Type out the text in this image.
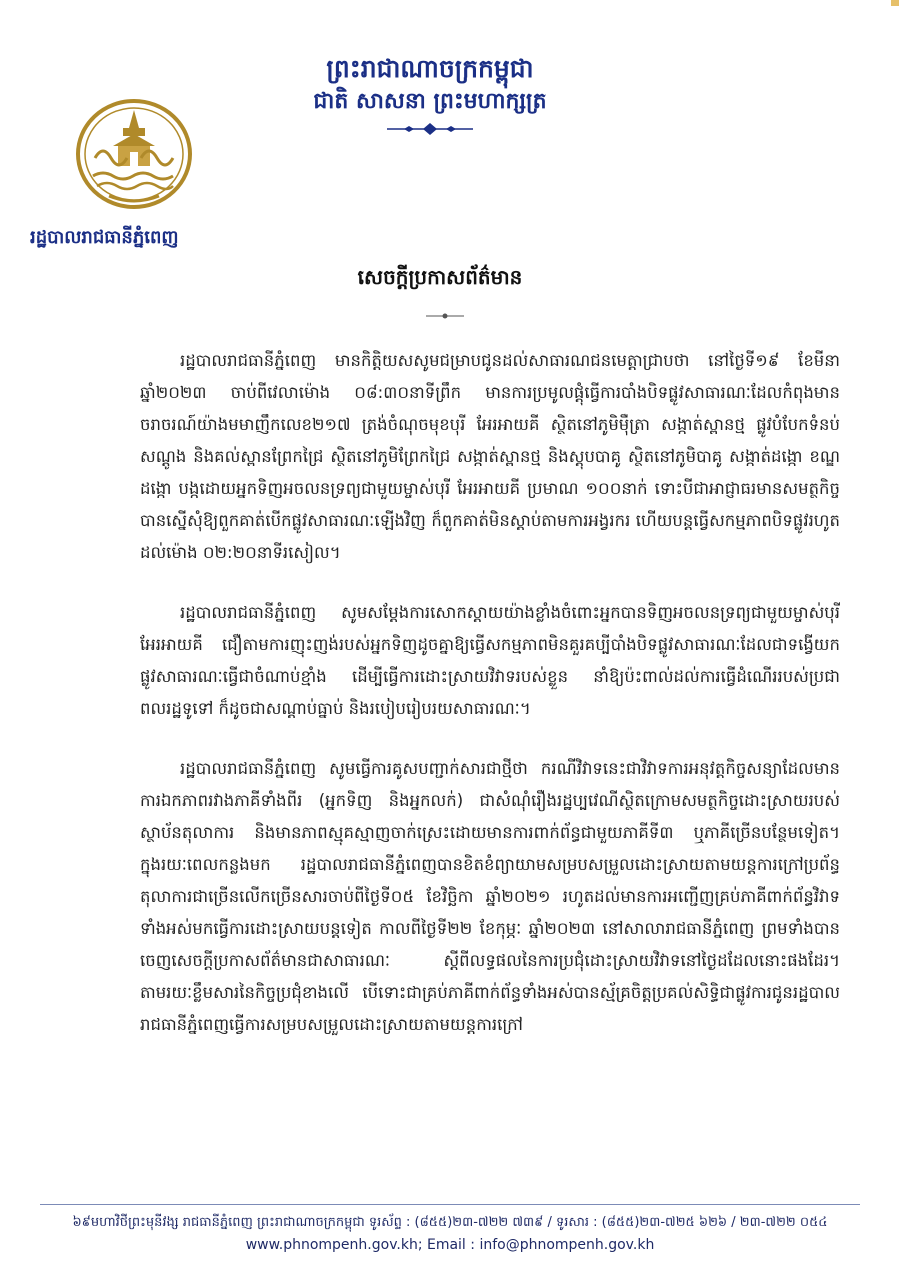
ព្រះរាជាណាចក្រកម្ពុជា
ជាតិ សាសនា ព្រះមហាក្សត្រ
រដ្ឋបាលរាជធានីភ្នំពេញ
សេចក្តីប្រកាសព័ត៌មាន

រដ្ឋបាលរាជធានីភ្នំពេញ មានកិត្តិយសសូមជម្រាបជូនដល់សាធារណជនមេត្តាជ្រាបថា នៅថ្ងៃទី១៩ ខែមីនា ឆ្នាំ២០២៣ ចាប់ពីវេលាម៉ោង ០៨:៣០នាទីព្រឹក មានការប្រមូលផ្តុំធ្វើការបាំងបិទផ្លូវសាធារណៈដែលកំពុងមានចរាចរណ៍យ៉ាងមមាញឹកលេខ២១៧ ត្រង់ចំណុចមុខបុរី អែរអាយគី ស្ថិតនៅភូមិម៉ឺត្រា សង្កាត់ស្ពានថ្ម ផ្លូវបំបែកទំនប់សណ្តូង និងគល់ស្ពានព្រែកជ្រៃ ស្ថិតនៅភូមិព្រែកជ្រៃ សង្កាត់ស្ពានថ្ម និងស្តុបបាគូ ស្ថិតនៅភូមិបាគូ សង្កាត់ដង្កោ ខណ្ឌដង្កោ បង្កដោយអ្នកទិញអចលនទ្រព្យជាមួយម្ចាស់បុរី អែរអាយគី ប្រមាណ ១០០នាក់ ទោះបីជាអាជ្ញាធរមានសមត្ថកិច្ចបានស្នើសុំឱ្យពួកគាត់បើកផ្លូវសាធារណៈឡើងវិញ ក៏ពួកគាត់មិនស្តាប់តាមការអង្វរករ ហើយបន្តធ្វើសកម្មភាពបិទផ្លូវរហូតដល់ម៉ោង ០២:២០នាទីរសៀល។

រដ្ឋបាលរាជធានីភ្នំពេញ សូមសម្តែងការសោកស្តាយយ៉ាងខ្លាំងចំពោះអ្នកបានទិញអចលនទ្រព្យជាមួយម្ចាស់បុរី អែរអាយគី ជឿតាមការញុះញង់របស់អ្នកទិញដូចគ្នាឱ្យធ្វើសកម្មភាពមិនគួរគប្បីបាំងបិទផ្លូវសាធារណៈដែលជាទង្វើយកផ្លូវសាធារណៈធ្វើជាចំណាប់ខ្មាំង ដើម្បីធ្វើការដោះស្រាយវិវាទរបស់ខ្លួន នាំឱ្យប៉ះពាល់ដល់ការធ្វើដំណើររបស់ប្រជាពលរដ្ឋទូទៅ ក៏ដូចជាសណ្តាប់ធ្នាប់ និងរបៀបរៀបរយសាធារណៈ។

រដ្ឋបាលរាជធានីភ្នំពេញ សូមធ្វើការគូសបញ្ជាក់សារជាថ្មីថា ករណីវិវាទនេះជាវិវាទការអនុវត្តកិច្ចសន្យាដែលមានការឯកភាពរវាងភាគីទាំងពីរ (អ្នកទិញ និងអ្នកលក់) ជាសំណុំរឿងរដ្ឋប្បវេណីស្ថិតក្រោមសមត្ថកិច្ចដោះស្រាយរបស់ស្ថាប័នតុលាការ និងមានភាពស្មុគស្មាញចាក់ស្រេះដោយមានការពាក់ព័ន្ធជាមួយភាគីទី៣ ឬភាគីច្រើនបន្ថែមទៀត។ ក្នុងរយៈពេលកន្លងមក រដ្ឋបាលរាជធានីភ្នំពេញបានខិតខំព្យាយាមសម្របសម្រួលដោះស្រាយតាមយន្តការក្រៅប្រព័ន្ធតុលាការជាច្រើនលើកច្រើនសារចាប់ពីថ្ងៃទី០៥ ខែវិច្ឆិកា ឆ្នាំ២០២១ រហូតដល់មានការអញ្ជើញគ្រប់ភាគីពាក់ព័ន្ធវិវាទទាំងអស់មកធ្វើការដោះស្រាយបន្តទៀត កាលពីថ្ងៃទី២២ ខែកុម្ភៈ ឆ្នាំ២០២៣ នៅសាលារាជធានីភ្នំពេញ ព្រមទាំងបានចេញសេចក្តីប្រកាសព័ត៌មានជាសាធារណៈ ស្តីពីលទ្ធផលនៃការប្រជុំដោះស្រាយវិវាទនៅថ្ងៃដដែលនោះផងដែរ។ តាមរយៈខ្លឹមសារនៃកិច្ចប្រជុំខាងលើ បើទោះជាគ្រប់ភាគីពាក់ព័ន្ធទាំងអស់បានស្ម័គ្រចិត្តប្រគល់សិទ្ធិជាផ្លូវការជូនរដ្ឋបាលរាជធានីភ្នំពេញធ្វើការសម្របសម្រួលដោះស្រាយតាមយន្តការក្រៅ

៦៩មហាវិថីព្រះមុនីវង្ស រាជធានីភ្នំពេញ ព្រះរាជាណាចក្រកម្ពុជា ទូរស័ព្ទ : (៨៥៥)២៣-៧២២ ៧៣៩ / ទូរសារ : (៨៥៥)២៣-៧២៥ ៦២៦ / ២៣-៧២២ ០៥៤
www.phnompenh.gov.kh; Email : info@phnompenh.gov.kh
